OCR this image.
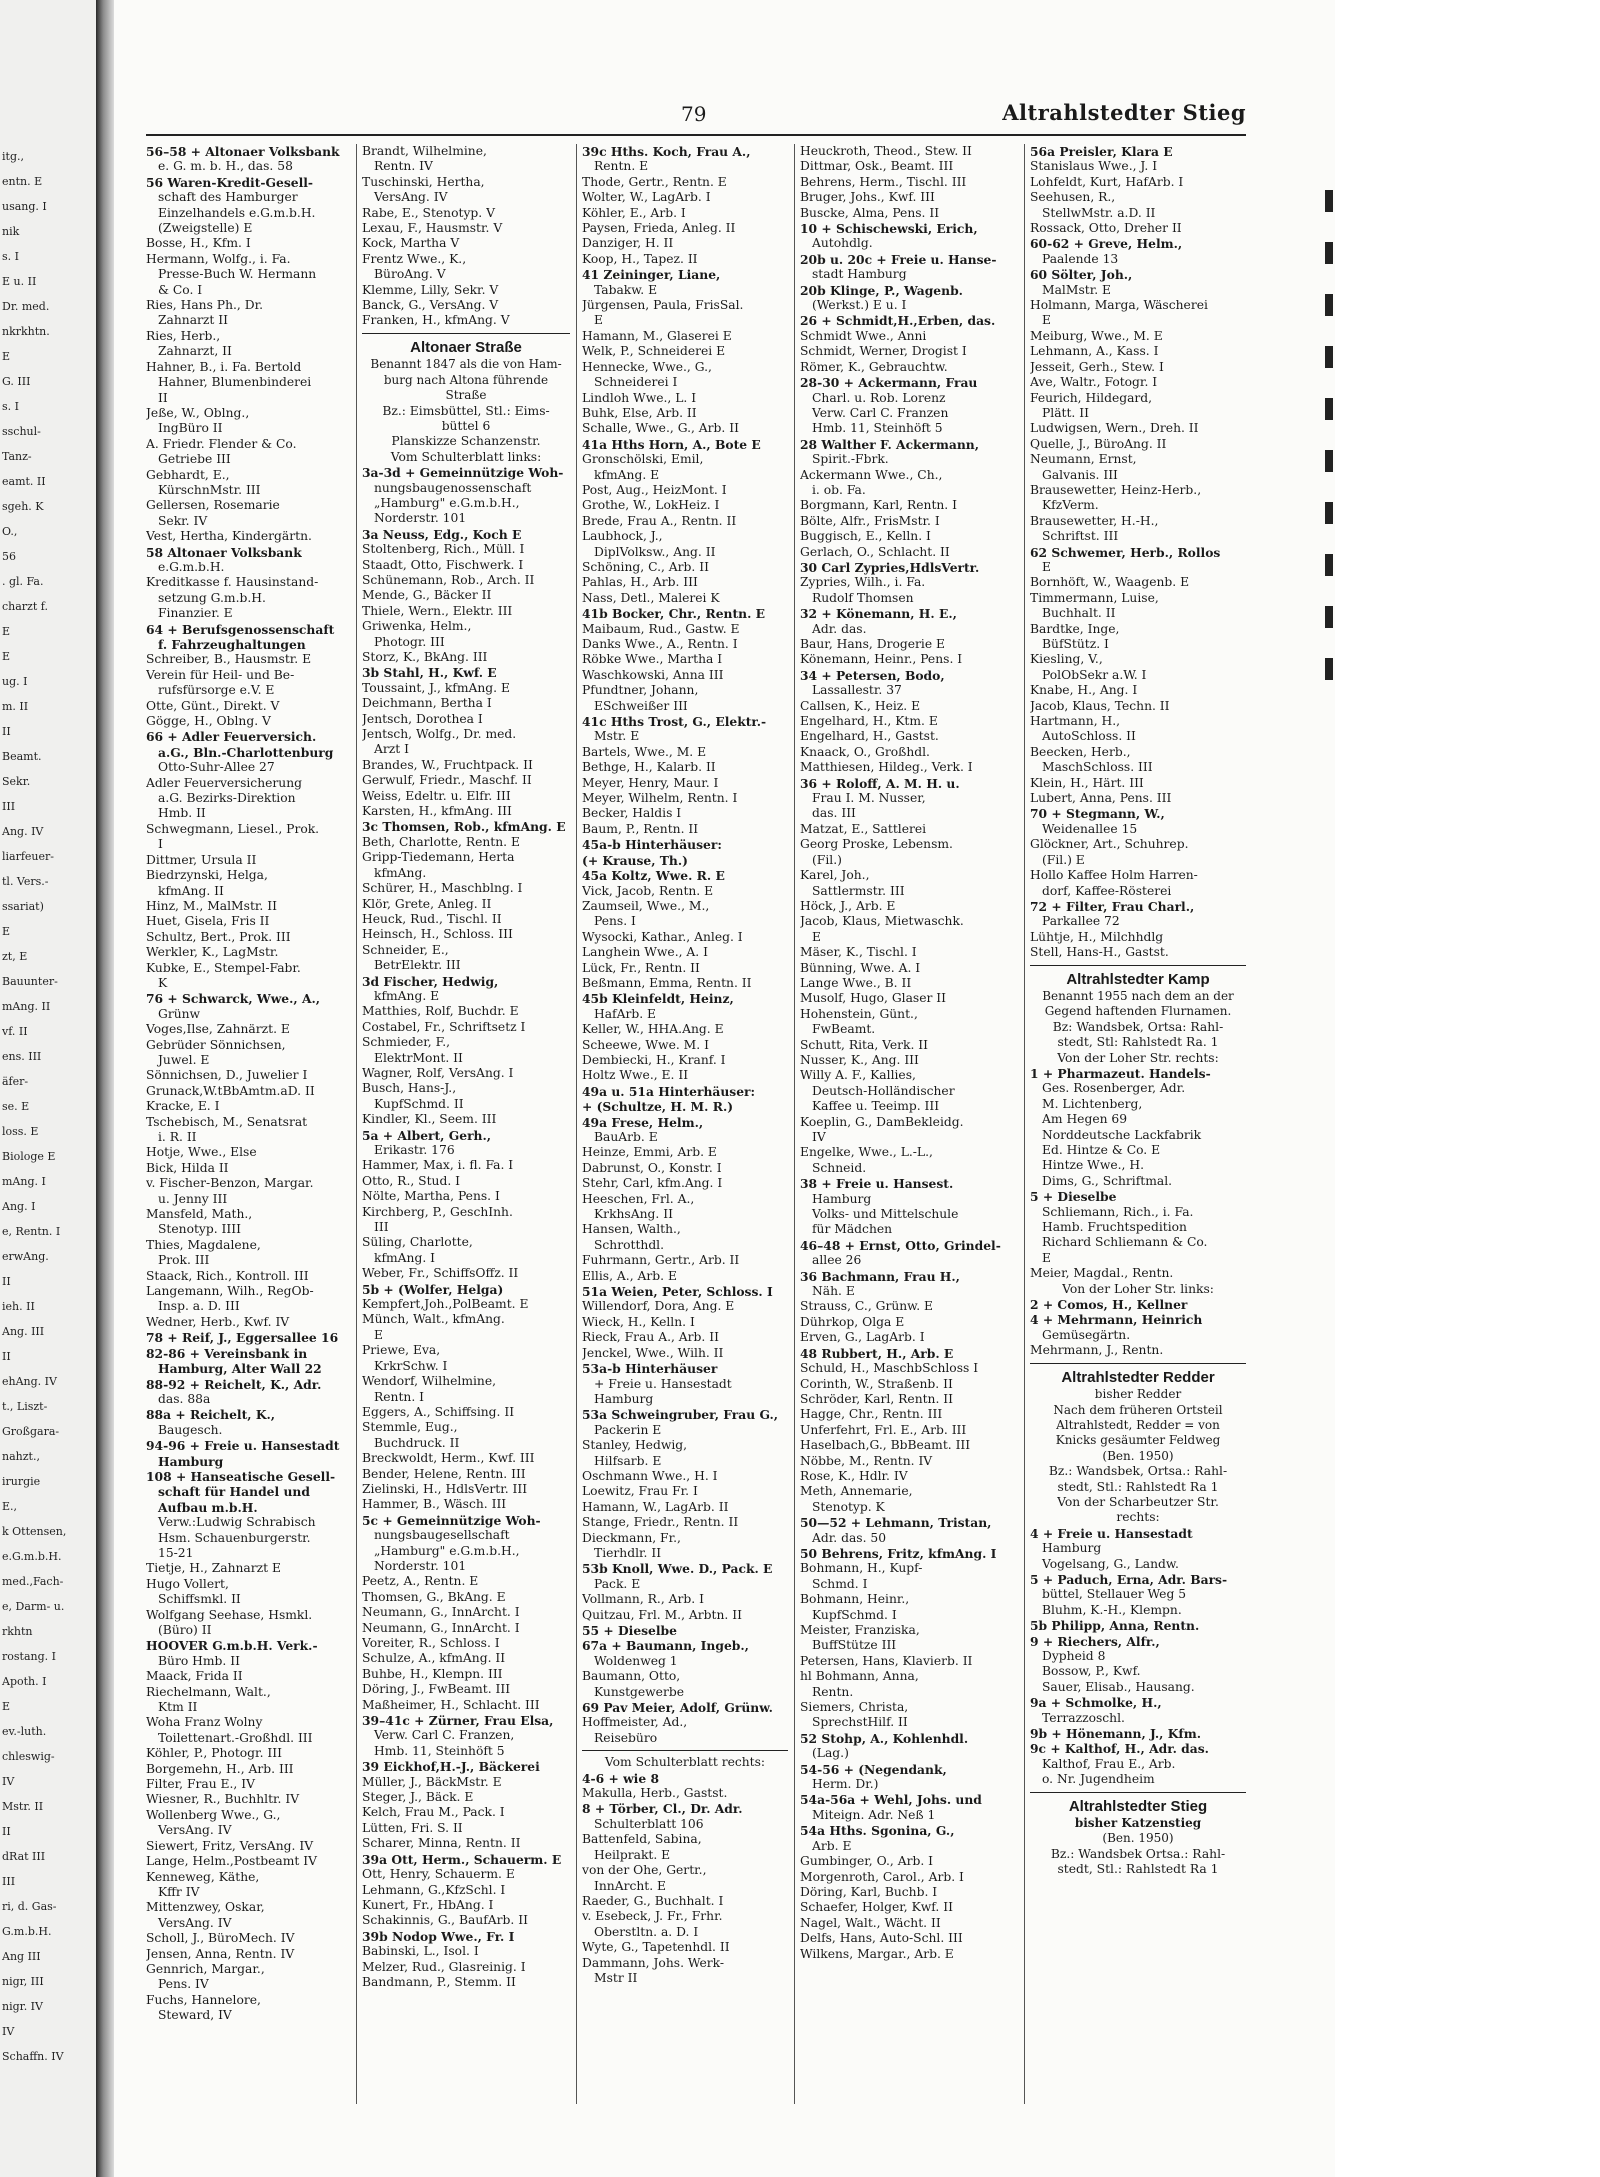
itg.,
entn. E
usang. I
nik
s. I
E u. II
Dr. med.
nkrkhtn.
E
G. III
s. I
sschul-
Tanz-
eamt. II
sgeh. K
O.,
56
. gl. Fa.
charzt f.
E
E
ug. I
m. II
II
Beamt.
Sekr.
III
Ang. IV
liarfeuer-
tl. Vers.-
ssariat)
E
zt, E
Bauunter-
mAng. II
vf. II
ens. III
äfer-
se. E
loss. E
Biologe E
mAng. I
Ang. I
e, Rentn. I
erwAng.
II
ieh. II
Ang. III
II
ehAng. IV
t., Liszt-
Großgara-
nahzt.,
irurgie
E.,
k Ottensen,
e.G.m.b.H.
med.,Fach-
e, Darm- u.
rkhtn
rostang. I
Apoth. I
E
ev.-luth.
chleswig-
IV
Mstr. II
II
dRat III
III
ri, d. Gas-
G.m.b.H.
Ang III
nigr, III
nigr. IV
IV
Schaffn. IV
79	Altrahlstedter Stieg
56–58 + Altonaer Volksbank
e. G. m. b. H., das. 58
56 Waren-Kredit-Gesell-
schaft des Hamburger
Einzelhandels e.G.m.b.H.
(Zweigstelle) E
Bosse, H., Kfm. I
Hermann, Wolfg., i. Fa.
Presse-Buch W. Hermann
& Co. I
Ries, Hans Ph., Dr.
Zahnarzt II
Ries, Herb.,
Zahnarzt, II
Hahner, B., i. Fa. Bertold
Hahner, Blumenbinderei
II
Jeße, W., Oblng.,
IngBüro II
A. Friedr. Flender & Co.
Getriebe III
Gebhardt, E.,
KürschnMstr. III
Gellersen, Rosemarie
Sekr. IV
Vest, Hertha, Kindergärtn.
58 Altonaer Volksbank
e.G.m.b.H.
Kreditkasse f. Hausinstand-
setzung G.m.b.H.
Finanzier. E
64 + Berufsgenossenschaft
f. Fahrzeughaltungen
Schreiber, B., Hausmstr. E
Verein für Heil- und Be-
rufsfürsorge e.V. E
Otte, Günt., Direkt. V
Gögge, H., Oblng. V
66 + Adler Feuerversich.
a.G., Bln.-Charlottenburg
Otto-Suhr-Allee 27
Adler Feuerversicherung
a.G. Bezirks-Direktion
Hmb. II
Schwegmann, Liesel., Prok.
I
Dittmer, Ursula II
Biedrzynski, Helga,
kfmAng. II
Hinz, M., MalMstr. II
Huet, Gisela, Fris II
Schultz, Bert., Prok. III
Werkler, K., LagMstr.
Kubke, E., Stempel-Fabr.
K
76 + Schwarck, Wwe., A.,
Grünw
Voges,Ilse, Zahnärzt. E
Gebrüder Sönnichsen,
Juwel. E
Sönnichsen, D., Juwelier I
Grunack,W.tBbAmtm.aD. II
Kracke, E. I
Tschebisch, M., Senatsrat
i. R. II
Hotje, Wwe., Else
Bick, Hilda II
v. Fischer-Benzon, Margar.
u. Jenny III
Mansfeld, Math.,
Stenotyp. IIII
Thies, Magdalene,
Prok. III
Staack, Rich., Kontroll. III
Langemann, Wilh., RegOb-
Insp. a. D. III
Wedner, Herb., Kwf. IV
78 + Reif, J., Eggersallee 16
82-86 + Vereinsbank in
Hamburg, Alter Wall 22
88-92 + Reichelt, K., Adr.
das. 88a
88a + Reichelt, K.,
Baugesch.
94-96 + Freie u. Hansestadt
Hamburg
108 + Hanseatische Gesell-
schaft für Handel und
Aufbau m.b.H.
Verw.:Ludwig Schrabisch
Hsm. Schauenburgerstr.
15-21
Tietje, H., Zahnarzt E
Hugo Vollert,
Schiffsmkl. II
Wolfgang Seehase, Hsmkl.
(Büro) II
HOOVER G.m.b.H. Verk.-
Büro Hmb. II
Maack, Frida II
Riechelmann, Walt.,
Ktm II
Woha Franz Wolny
Toilettenart.-Großhdl. III
Köhler, P., Photogr. III
Borgemehn, H., Arb. III
Filter, Frau E., IV
Wiesner, R., Buchhltr. IV
Wollenberg Wwe., G.,
VersAng. IV
Siewert, Fritz, VersAng. IV
Lange, Helm.,Postbeamt IV
Kenneweg, Käthe,
Kffr IV
Mittenzwey, Oskar,
VersAng. IV
Scholl, J., BüroMech. IV
Jensen, Anna, Rentn. IV
Gennrich, Margar.,
Pens. IV
Fuchs, Hannelore,
Steward, IV
Brandt, Wilhelmine,
Rentn. IV
Tuschinski, Hertha,
VersAng. IV
Rabe, E., Stenotyp. V
Lexau, F., Hausmstr. V
Kock, Martha V
Frentz Wwe., K.,
BüroAng. V
Klemme, Lilly, Sekr. V
Banck, G., VersAng. V
Franken, H., kfmAng. V
Altonaer Straße
Benannt 1847 als die von Ham-
burg nach Altona führende
Straße
Bz.: Eimsbüttel, Stl.: Eims-
büttel 6
Planskizze Schanzenstr.
Vom Schulterblatt links:
3a-3d + Gemeinnützige Woh-
nungsbaugenossenschaft
„Hamburg" e.G.m.b.H.,
Norderstr. 101
3a Neuss, Edg., Koch E
Stoltenberg, Rich., Müll. I
Staadt, Otto, Fischwerk. I
Schünemann, Rob., Arch. II
Mende, G., Bäcker II
Thiele, Wern., Elektr. III
Griwenka, Helm.,
Photogr. III
Storz, K., BkAng. III
3b Stahl, H., Kwf. E
Toussaint, J., kfmAng. E
Deichmann, Bertha I
Jentsch, Dorothea I
Jentsch, Wolfg., Dr. med.
Arzt I
Brandes, W., Fruchtpack. II
Gerwulf, Friedr., Maschf. II
Weiss, Edeltr. u. Elfr. III
Karsten, H., kfmAng. III
3c Thomsen, Rob., kfmAng. E
Beth, Charlotte, Rentn. E
Gripp-Tiedemann, Herta
kfmAng.
Schürer, H., Maschblng. I
Klör, Grete, Anleg. II
Heuck, Rud., Tischl. II
Heinsch, H., Schloss. III
Schneider, E.,
BetrElektr. III
3d Fischer, Hedwig,
kfmAng. E
Matthies, Rolf, Buchdr. E
Costabel, Fr., Schriftsetz I
Schmieder, F.,
ElektrMont. II
Wagner, Rolf, VersAng. I
Busch, Hans-J.,
KupfSchmd. II
Kindler, Kl., Seem. III
5a + Albert, Gerh.,
Erikastr. 176
Hammer, Max, i. fl. Fa. I
Otto, R., Stud. I
Nölte, Martha, Pens. I
Kirchberg, P., GeschInh.
III
Süling, Charlotte,
kfmAng. I
Weber, Fr., SchiffsOffz. II
5b + (Wolfer, Helga)
Kempfert,Joh.,PolBeamt. E
Münch, Walt., kfmAng.
E
Priewe, Eva,
KrkrSchw. I
Wendorf, Wilhelmine,
Rentn. I
Eggers, A., Schiffsing. II
Stemmle, Eug.,
Buchdruck. II
Breckwoldt, Herm., Kwf. III
Bender, Helene, Rentn. III
Zielinski, H., HdlsVertr. III
Hammer, B., Wäsch. III
5c + Gemeinnützige Woh-
nungsbaugesellschaft
„Hamburg" e.G.m.b.H.,
Norderstr. 101
Peetz, A., Rentn. E
Thomsen, G., BkAng. E
Neumann, G., InnArcht. I
Neumann, G., InnArcht. I
Voreiter, R., Schloss. I
Schulze, A., kfmAng. II
Buhbe, H., Klempn. III
Döring, J., FwBeamt. III
Maßheimer, H., Schlacht. III
39–41c + Zürner, Frau Elsa,
Verw. Carl C. Franzen,
Hmb. 11, Steinhöft 5
39 Eickhof,H.-J., Bäckerei
Müller, J., BäckMstr. E
Steger, J., Bäck. E
Kelch, Frau M., Pack. I
Lütten, Fri. S. II
Scharer, Minna, Rentn. II
39a Ott, Herm., Schauerm. E
Ott, Henry, Schauerm. E
Lehmann, G.,KfzSchl. I
Kunert, Fr., HbAng. I
Schakinnis, G., BaufArb. II
39b Nodop Wwe., Fr. I
Babinski, L., Isol. I
Melzer, Rud., Glasreinig. I
Bandmann, P., Stemm. II
39c Hths. Koch, Frau A.,
Rentn. E
Thode, Gertr., Rentn. E
Wolter, W., LagArb. I
Köhler, E., Arb. I
Paysen, Frieda, Anleg. II
Danziger, H. II
Koop, H., Tapez. II
41 Zeininger, Liane,
Tabakw. E
Jürgensen, Paula, FrisSal.
E
Hamann, M., Glaserei E
Welk, P., Schneiderei E
Hennecke, Wwe., G.,
Schneiderei I
Lindloh Wwe., L. I
Buhk, Else, Arb. II
Schalle, Wwe., G., Arb. II
41a Hths Horn, A., Bote E
Gronschölski, Emil,
kfmAng. E
Post, Aug., HeizMont. I
Grothe, W., LokHeiz. I
Brede, Frau A., Rentn. II
Laubhock, J.,
DiplVolksw., Ang. II
Schöning, C., Arb. II
Pahlas, H., Arb. III
Nass, Detl., Malerei K
41b Bocker, Chr., Rentn. E
Maibaum, Rud., Gastw. E
Danks Wwe., A., Rentn. I
Röbke Wwe., Martha I
Waschkowski, Anna III
Pfundtner, Johann,
ESchweißer III
41c Hths Trost, G., Elektr.-
Mstr. E
Bartels, Wwe., M. E
Bethge, H., Kalarb. II
Meyer, Henry, Maur. I
Meyer, Wilhelm, Rentn. I
Becker, Haldis I
Baum, P., Rentn. II
45a-b Hinterhäuser:
(+ Krause, Th.)
45a Koltz, Wwe. R. E
Vick, Jacob, Rentn. E
Zaumseil, Wwe., M.,
Pens. I
Wysocki, Kathar., Anleg. I
Langhein Wwe., A. I
Lück, Fr., Rentn. II
Beßmann, Emma, Rentn. II
45b Kleinfeldt, Heinz,
HafArb. E
Keller, W., HHA.Ang. E
Scheewe, Wwe. M. I
Dembiecki, H., Kranf. I
Holtz Wwe., E. II
49a u. 51a Hinterhäuser:
+ (Schultze, H. M. R.)
49a Frese, Helm.,
BauArb. E
Heinze, Emmi, Arb. E
Dabrunst, O., Konstr. I
Stehr, Carl, kfm.Ang. I
Heeschen, Frl. A.,
KrkhsAng. II
Hansen, Walth.,
Schrotthdl.
Fuhrmann, Gertr., Arb. II
Ellis, A., Arb. E
51a Weien, Peter, Schloss. I
Willendorf, Dora, Ang. E
Wieck, H., Kelln. I
Rieck, Frau A., Arb. II
Jenckel, Wwe., Wilh. II
53a-b Hinterhäuser
+ Freie u. Hansestadt
Hamburg
53a Schweingruber, Frau G.,
Packerin E
Stanley, Hedwig,
Hilfsarb. E
Oschmann Wwe., H. I
Loewitz, Frau Fr. I
Hamann, W., LagArb. II
Stange, Friedr., Rentn. II
Dieckmann, Fr.,
Tierhdlr. II
53b Knoll, Wwe. D., Pack. E
Pack. E
Vollmann, R., Arb. I
Quitzau, Frl. M., Arbtn. II
55 + Dieselbe
67a + Baumann, Ingeb.,
Woldenweg 1
Baumann, Otto,
Kunstgewerbe
69 Pav Meier, Adolf, Grünw.
Hoffmeister, Ad.,
Reisebüro
Vom Schulterblatt rechts:
4-6 + wie 8
Makulla, Herb., Gastst.
8 + Törber, Cl., Dr. Adr.
Schulterblatt 106
Battenfeld, Sabina,
Heilprakt. E
von der Ohe, Gertr.,
InnArcht. E
Raeder, G., Buchhalt. I
v. Esebeck, J. Fr., Frhr.
Oberstltn. a. D. I
Wyte, G., Tapetenhdl. II
Dammann, Johs. Werk-
Mstr II
Heuckroth, Theod., Stew. II
Dittmar, Osk., Beamt. III
Behrens, Herm., Tischl. III
Bruger, Johs., Kwf. III
Buscke, Alma, Pens. II
10 + Schischewski, Erich,
Autohdlg.
20b u. 20c + Freie u. Hanse-
stadt Hamburg
20b Klinge, P., Wagenb.
(Werkst.) E u. I
26 + Schmidt,H.,Erben, das.
Schmidt Wwe., Anni
Schmidt, Werner, Drogist I
Römer, K., Gebrauchtw.
28-30 + Ackermann, Frau
Charl. u. Rob. Lorenz
Verw. Carl C. Franzen
Hmb. 11, Steinhöft 5
28 Walther F. Ackermann,
Spirit.-Fbrk.
Ackermann Wwe., Ch.,
i. ob. Fa.
Borgmann, Karl, Rentn. I
Bölte, Alfr., FrisMstr. I
Buggisch, E., Kelln. I
Gerlach, O., Schlacht. II
30 Carl Zypries,HdlsVertr.
Zypries, Wilh., i. Fa.
Rudolf Thomsen
32 + Könemann, H. E.,
Adr. das.
Baur, Hans, Drogerie E
Könemann, Heinr., Pens. I
34 + Petersen, Bodo,
Lassallestr. 37
Callsen, K., Heiz. E
Engelhard, H., Ktm. E
Engelhard, H., Gastst.
Knaack, O., Großhdl.
Matthiesen, Hildeg., Verk. I
36 + Roloff, A. M. H. u.
Frau I. M. Nusser,
das. III
Matzat, E., Sattlerei
Georg Proske, Lebensm.
(Fil.)
Karel, Joh.,
Sattlermstr. III
Höck, J., Arb. E
Jacob, Klaus, Mietwaschk.
E
Mäser, K., Tischl. I
Bünning, Wwe. A. I
Lange Wwe., B. II
Musolf, Hugo, Glaser II
Hohenstein, Günt.,
FwBeamt.
Schutt, Rita, Verk. II
Nusser, K., Ang. III
Willy A. F., Kallies,
Deutsch-Holländischer
Kaffee u. Teeimp. III
Koeplin, G., DamBekleidg.
IV
Engelke, Wwe., L.-L.,
Schneid.
38 + Freie u. Hansest.
Hamburg
Volks- und Mittelschule
für Mädchen
46–48 + Ernst, Otto, Grindel-
allee 26
36 Bachmann, Frau H.,
Näh. E
Strauss, C., Grünw. E
Dührkop, Olga E
Erven, G., LagArb. I
48 Rubbert, H., Arb. E
Schuld, H., MaschbSchloss I
Corinth, W., Straßenb. II
Schröder, Karl, Rentn. II
Hagge, Chr., Rentn. III
Unferfehrt, Frl. E., Arb. III
Haselbach,G., BbBeamt. III
Nöbbe, M., Rentn. IV
Rose, K., Hdlr. IV
Meth, Annemarie,
Stenotyp. K
50—52 + Lehmann, Tristan,
Adr. das. 50
50 Behrens, Fritz, kfmAng. I
Bohmann, H., Kupf-
Schmd. I
Bohmann, Heinr.,
KupfSchmd. I
Meister, Franziska,
BuffStütze III
Petersen, Hans, Klavierb. II
hl Bohmann, Anna,
Rentn.
Siemers, Christa,
SprechstHilf. II
52 Stohp, A., Kohlenhdl.
(Lag.)
54-56 + (Negendank,
Herm. Dr.)
54a-56a + Wehl, Johs. und
Miteign. Adr. Neß 1
54a Hths. Sgonina, G.,
Arb. E
Gumbinger, O., Arb. I
Morgenroth, Carol., Arb. I
Döring, Karl, Buchb. I
Schaefer, Holger, Kwf. II
Nagel, Walt., Wächt. II
Delfs, Hans, Auto-Schl. III
Wilkens, Margar., Arb. E
56a Preisler, Klara E
Stanislaus Wwe., J. I
Lohfeldt, Kurt, HafArb. I
Seehusen, R.,
StellwMstr. a.D. II
Rossack, Otto, Dreher II
60-62 + Greve, Helm.,
Paalende 13
60 Sölter, Joh.,
MalMstr. E
Holmann, Marga, Wäscherei
E
Meiburg, Wwe., M. E
Lehmann, A., Kass. I
Jesseit, Gerh., Stew. I
Ave, Waltr., Fotogr. I
Feurich, Hildegard,
Plätt. II
Ludwigsen, Wern., Dreh. II
Quelle, J., BüroAng. II
Neumann, Ernst,
Galvanis. III
Brausewetter, Heinz-Herb.,
KfzVerm.
Brausewetter, H.-H.,
Schriftst. III
62 Schwemer, Herb., Rollos
E
Bornhöft, W., Waagenb. E
Timmermann, Luise,
Buchhalt. II
Bardtke, Inge,
BüfStütz. I
Kiesling, V.,
PolObSekr a.W. I
Knabe, H., Ang. I
Jacob, Klaus, Techn. II
Hartmann, H.,
AutoSchloss. II
Beecken, Herb.,
MaschSchloss. III
Klein, H., Härt. III
Lubert, Anna, Pens. III
70 + Stegmann, W.,
Weidenallee 15
Glöckner, Art., Schuhrep.
(Fil.) E
Hollo Kaffee Holm Harren-
dorf, Kaffee-Rösterei
72 + Filter, Frau Charl.,
Parkallee 72
Lühtje, H., Milchhdlg
Stell, Hans-H., Gastst.
Altrahlstedter Kamp
Benannt 1955 nach dem an der
Gegend haftenden Flurnamen.
Bz: Wandsbek, Ortsa: Rahl-
stedt, Stl: Rahlstedt Ra. 1
Von der Loher Str. rechts:
1 + Pharmazeut. Handels-
Ges. Rosenberger, Adr.
M. Lichtenberg,
Am Hegen 69
Norddeutsche Lackfabrik
Ed. Hintze & Co. E
Hintze Wwe., H.
Dims, G., Schriftmal.
5 + Dieselbe
Schliemann, Rich., i. Fa.
Hamb. Fruchtspedition
Richard Schliemann & Co.
E
Meier, Magdal., Rentn.
Von der Loher Str. links:
2 + Comos, H., Kellner
4 + Mehrmann, Heinrich
Gemüsegärtn.
Mehrmann, J., Rentn.
Altrahlstedter Redder
bisher Redder
Nach dem früheren Ortsteil
Altrahlstedt, Redder = von
Knicks gesäumter Feldweg
(Ben. 1950)
Bz.: Wandsbek, Ortsa.: Rahl-
stedt, Stl.: Rahlstedt Ra 1
Von der Scharbeutzer Str.
rechts:
4 + Freie u. Hansestadt
Hamburg
Vogelsang, G., Landw.
5 + Paduch, Erna, Adr. Bars-
büttel, Stellauer Weg 5
Bluhm, K.-H., Klempn.
5b Philipp, Anna, Rentn.
9 + Riechers, Alfr.,
Dypheid 8
Bossow, P., Kwf.
Sauer, Elisab., Hausang.
9a + Schmolke, H.,
Terrazzoschl.
9b + Hönemann, J., Kfm.
9c + Kalthof, H., Adr. das.
Kalthof, Frau E., Arb.
o. Nr. Jugendheim
Altrahlstedter Stieg
bisher Katzenstieg
(Ben. 1950)
Bz.: Wandsbek Ortsa.: Rahl-
stedt, Stl.: Rahlstedt Ra 1
